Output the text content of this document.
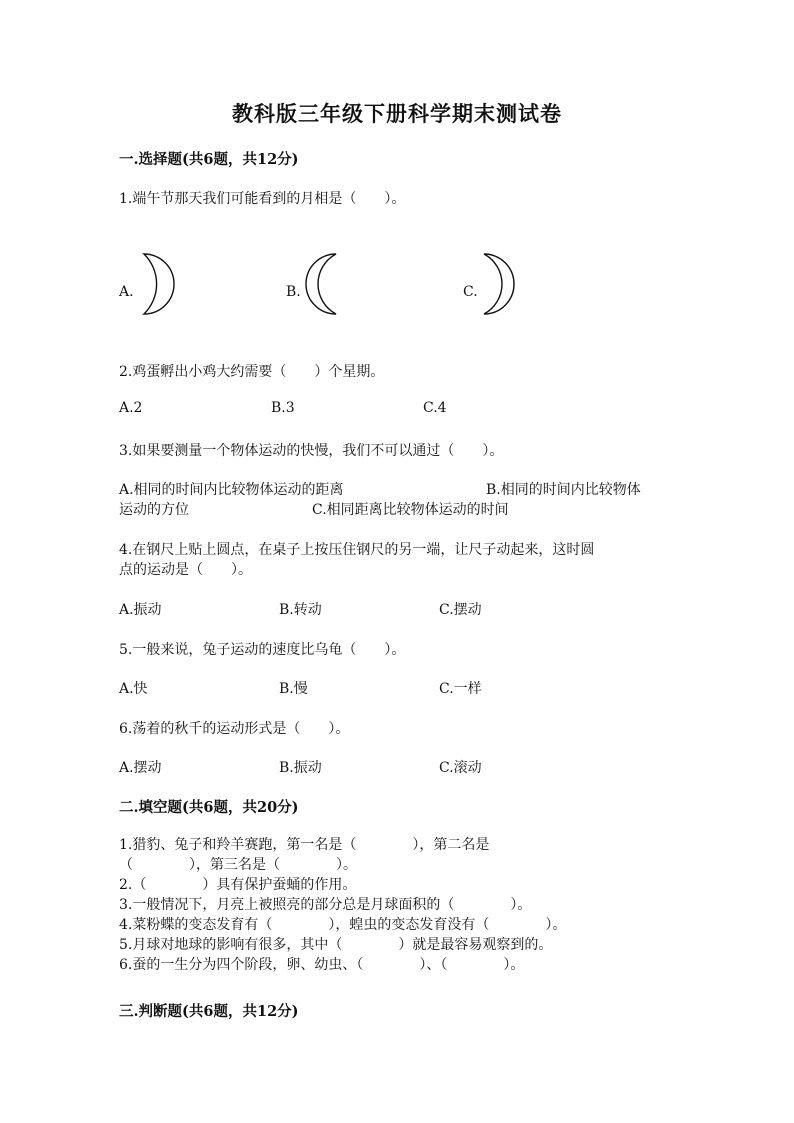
教科版三年级下册科学期末测试卷
一.选择题(共6题，共12分)
1.端午节那天我们可能看到的月相是（　　）。
A.	B.	C.
2.鸡蛋孵出小鸡大约需要（　　）个星期。
A.2	B.3	C.4
3.如果要测量一个物体运动的快慢，我们不可以通过（　　）。
A.相同的时间内比较物体运动的距离	B.相同的时间内比较物体
运动的方位	C.相同距离比较物体运动的时间
4.在钢尺上贴上圆点，在桌子上按压住钢尺的另一端，让尺子动起来，这时圆
点的运动是（　　）。
A.振动	B.转动	C.摆动
5.一般来说，兔子运动的速度比乌龟（　　）。
A.快	B.慢	C.一样
6.荡着的秋千的运动形式是（　　）。
A.摆动	B.振动	C.滚动
二.填空题(共6题，共20分)
1.猎豹、兔子和羚羊赛跑，第一名是（　　　　），第二名是
（　　　　），第三名是（　　　　）。
2.（　　　　）具有保护蚕蛹的作用。
3.一般情况下，月亮上被照亮的部分总是月球面积的（　　　　）。
4.菜粉蝶的变态发育有（　　　　），蝗虫的变态发育没有（　　　　）。
5.月球对地球的影响有很多，其中（　　　　）就是最容易观察到的。
6.蚕的一生分为四个阶段，卵、幼虫、（　　　　）、（　　　　）。
三.判断题(共6题，共12分)
